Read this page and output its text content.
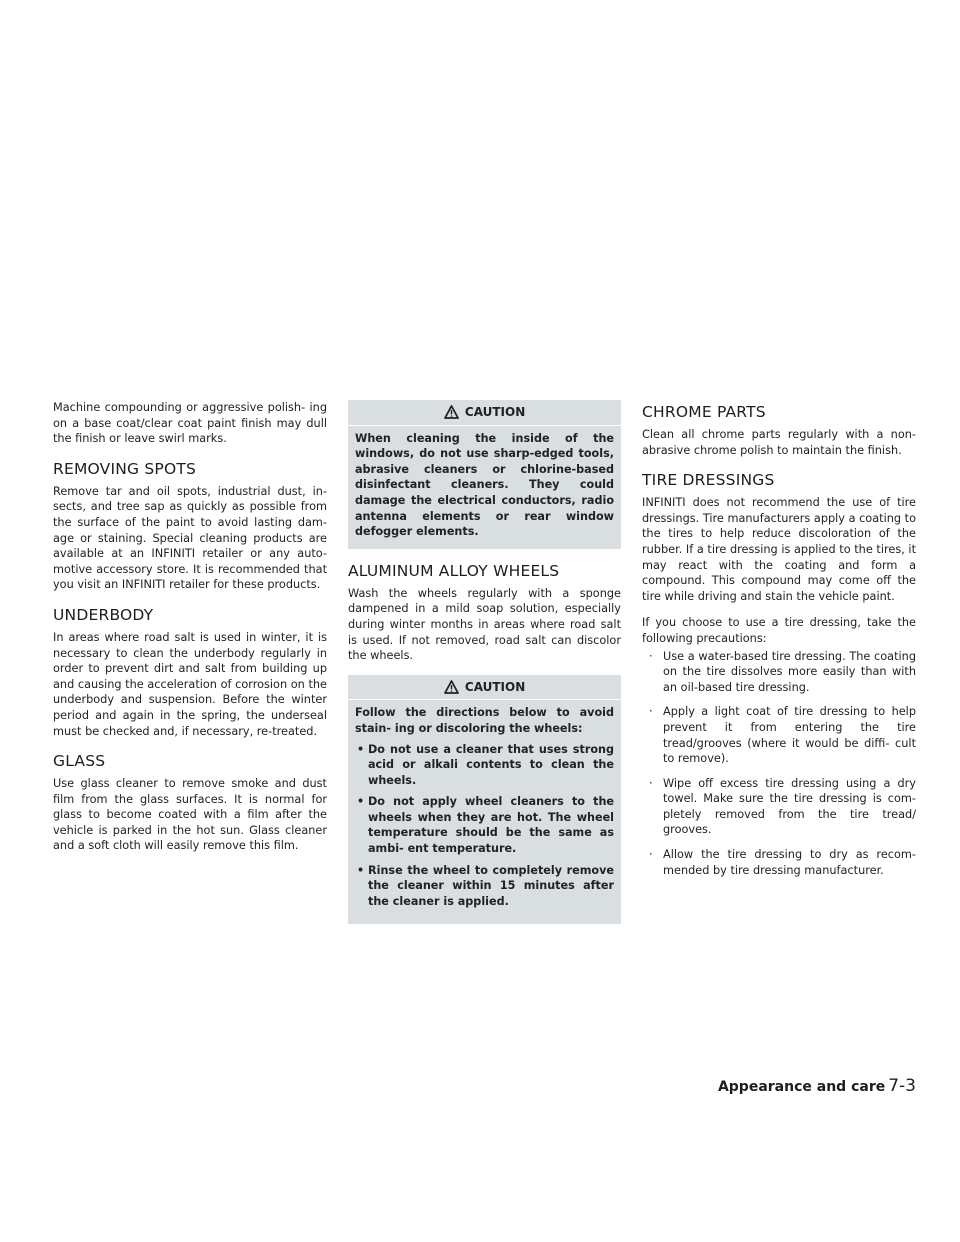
Machine compounding or aggressive polish- ing on a base coat/clear coat paint finish may dull the finish or leave swirl marks.

REMOVING SPOTS

Remove tar and oil spots, industrial dust, in- sects, and tree sap as quickly as possible from the surface of the paint to avoid lasting dam- age or staining. Special cleaning products are available at an INFINITI retailer or any auto- motive accessory store. It is recommended that you visit an INFINITI retailer for these products.

UNDERBODY

In areas where road salt is used in winter, it is necessary to clean the underbody regularly in order to prevent dirt and salt from building up and causing the acceleration of corrosion on the underbody and suspension. Before the winter period and again in the spring, the underseal must be checked and, if necessary, re-treated.

GLASS

Use glass cleaner to remove smoke and dust film from the glass surfaces. It is normal for glass to become coated with a film after the vehicle is parked in the hot sun. Glass cleaner and a soft cloth will easily remove this film.

CAUTION

When cleaning the inside of the windows, do not use sharp-edged tools, abrasive cleaners or chlorine-based disinfectant cleaners. They could damage the electrical conductors, radio antenna elements or rear window defogger elements.

ALUMINUM ALLOY WHEELS

Wash the wheels regularly with a sponge dampened in a mild soap solution, especially during winter months in areas where road salt is used. If not removed, road salt can discolor the wheels.

CAUTION

Follow the directions below to avoid stain- ing or discoloring the wheels:

• Do not use a cleaner that uses strong acid or alkali contents to clean the wheels.
• Do not apply wheel cleaners to the wheels when they are hot. The wheel temperature should be the same as ambi- ent temperature.
• Rinse the wheel to completely remove the cleaner within 15 minutes after the cleaner is applied.
CHROME PARTS

Clean all chrome parts regularly with a non- abrasive chrome polish to maintain the finish.

TIRE DRESSINGS

INFINITI does not recommend the use of tire dressings. Tire manufacturers apply a coating to the tires to help reduce discoloration of the rubber. If a tire dressing is applied to the tires, it may react with the coating and form a compound. This compound may come off the tire while driving and stain the vehicle paint.

If you choose to use a tire dressing, take the following precautions:

· Use a water-based tire dressing. The coating on the tire dissolves more easily than with an oil-based tire dressing.
· Apply a light coat of tire dressing to help prevent it from entering the tire tread/grooves (where it would be diffi- cult to remove).
· Wipe off excess tire dressing using a dry towel. Make sure the tire dressing is com- pletely removed from the tire tread/ grooves.
· Allow the tire dressing to dry as recom- mended by tire dressing manufacturer.
Appearance and care 7-3
